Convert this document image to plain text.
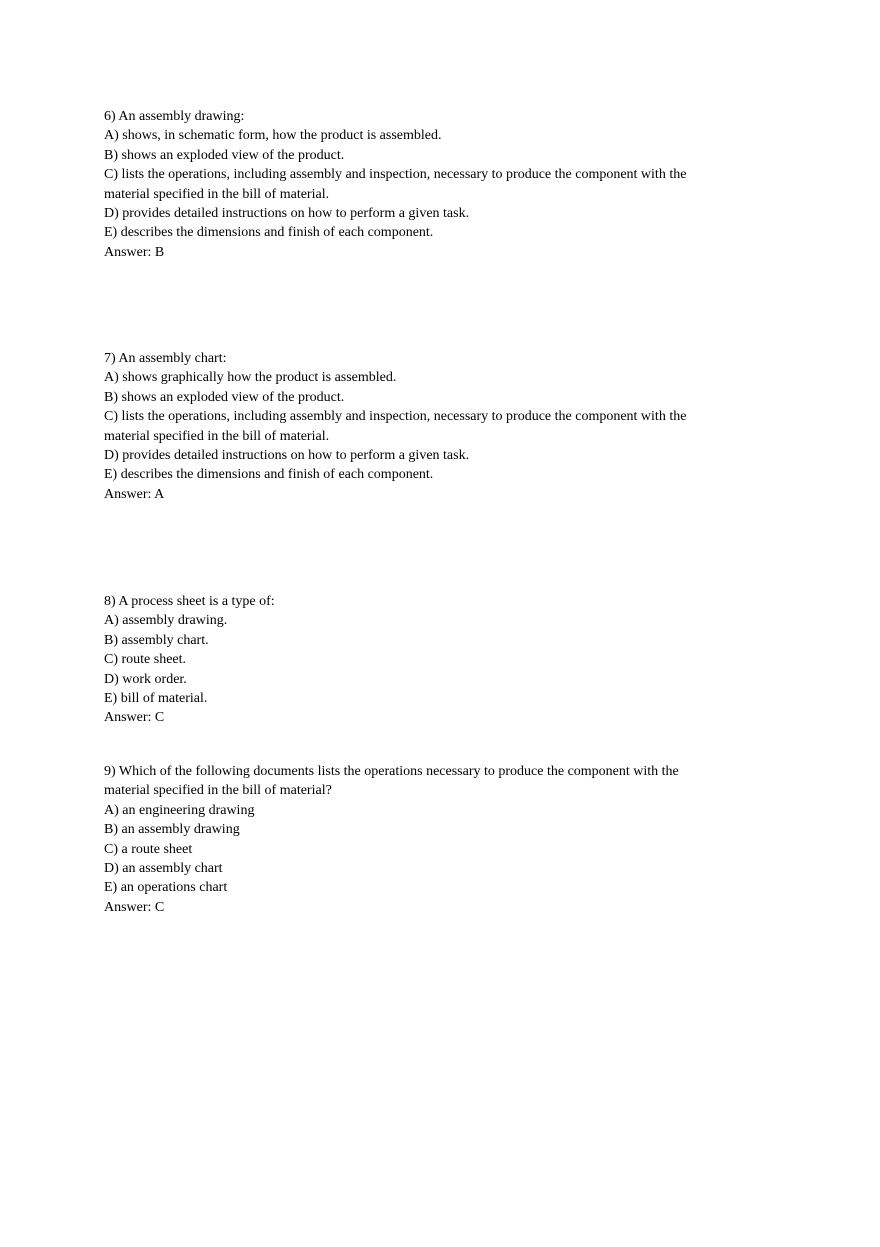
6) An assembly drawing:

A) shows, in schematic form, how the product is assembled.

B) shows an exploded view of the product.

C) lists the operations, including assembly and inspection, necessary to produce the component with the material specified in the bill of material.

D) provides detailed instructions on how to perform a given task.

E) describes the dimensions and finish of each component.

Answer: B

7) An assembly chart:

A) shows graphically how the product is assembled.

B) shows an exploded view of the product.

C) lists the operations, including assembly and inspection, necessary to produce the component with the material specified in the bill of material.

D) provides detailed instructions on how to perform a given task.

E) describes the dimensions and finish of each component.

Answer: A

8) A process sheet is a type of:

A) assembly drawing.

B) assembly chart.

C) route sheet.

D) work order.

E) bill of material.

Answer: C

9) Which of the following documents lists the operations necessary to produce the component with the material specified in the bill of material?

A) an engineering drawing

B) an assembly drawing

C) a route sheet

D) an assembly chart

E) an operations chart

Answer: C
